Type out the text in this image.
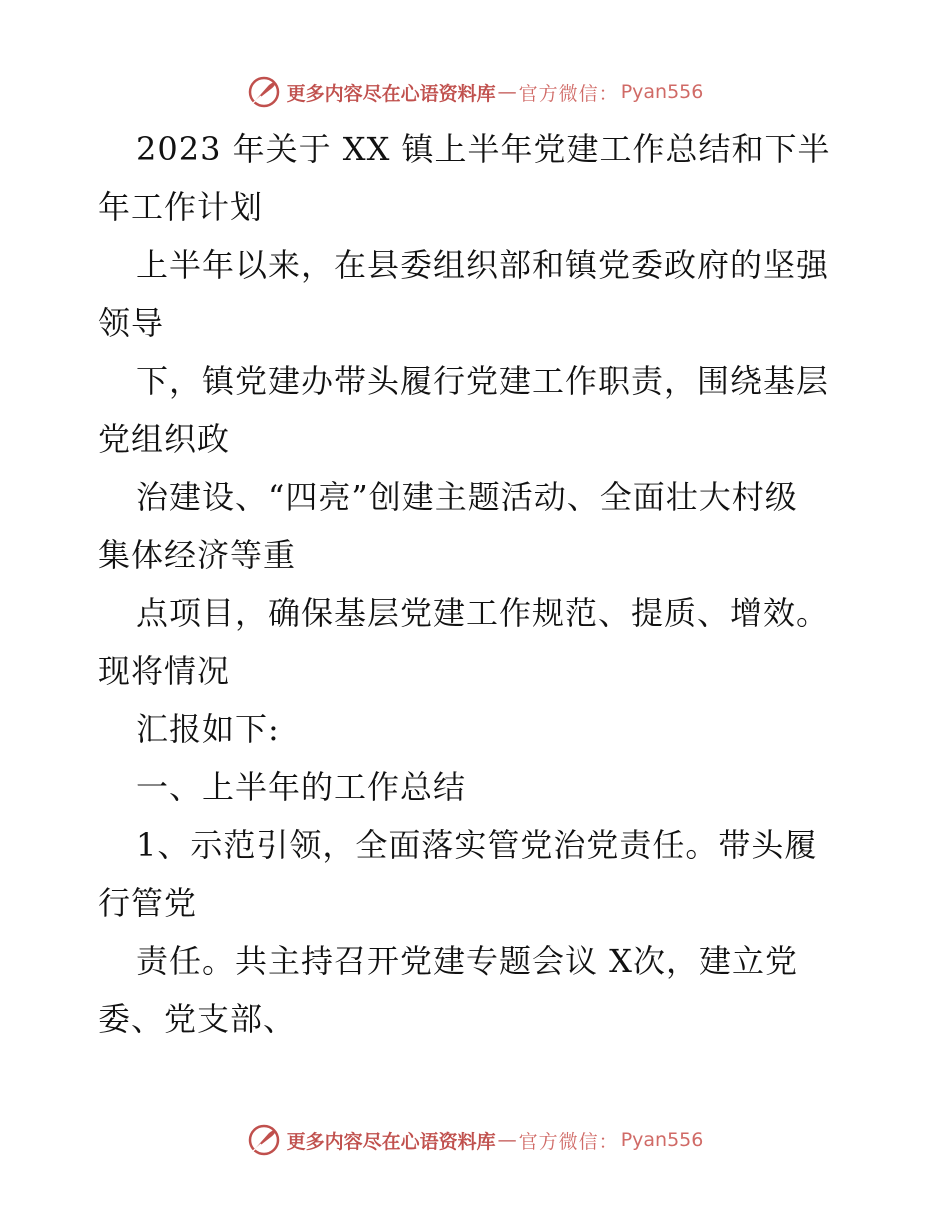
更多内容尽在心语资料库 — 官方微信： Pyan556
2023 年关于 XX 镇上半年党建工作总结和下半
年工作计划
上半年以来，在县委组织部和镇党委政府的坚强
领导
下，镇党建办带头履行党建工作职责，围绕基层
党组织政
治建设、“四亮”创建主题活动、全面壮大村级
集体经济等重
点项目，确保基层党建工作规范、提质、增效。
现将情况
汇报如下:
一、上半年的工作总结
1、示范引领，全面落实管党治党责任。带头履
行管党
责任。共主持召开党建专题会议 X次，建立党
委、党支部、
更多内容尽在心语资料库 — 官方微信： Pyan556
